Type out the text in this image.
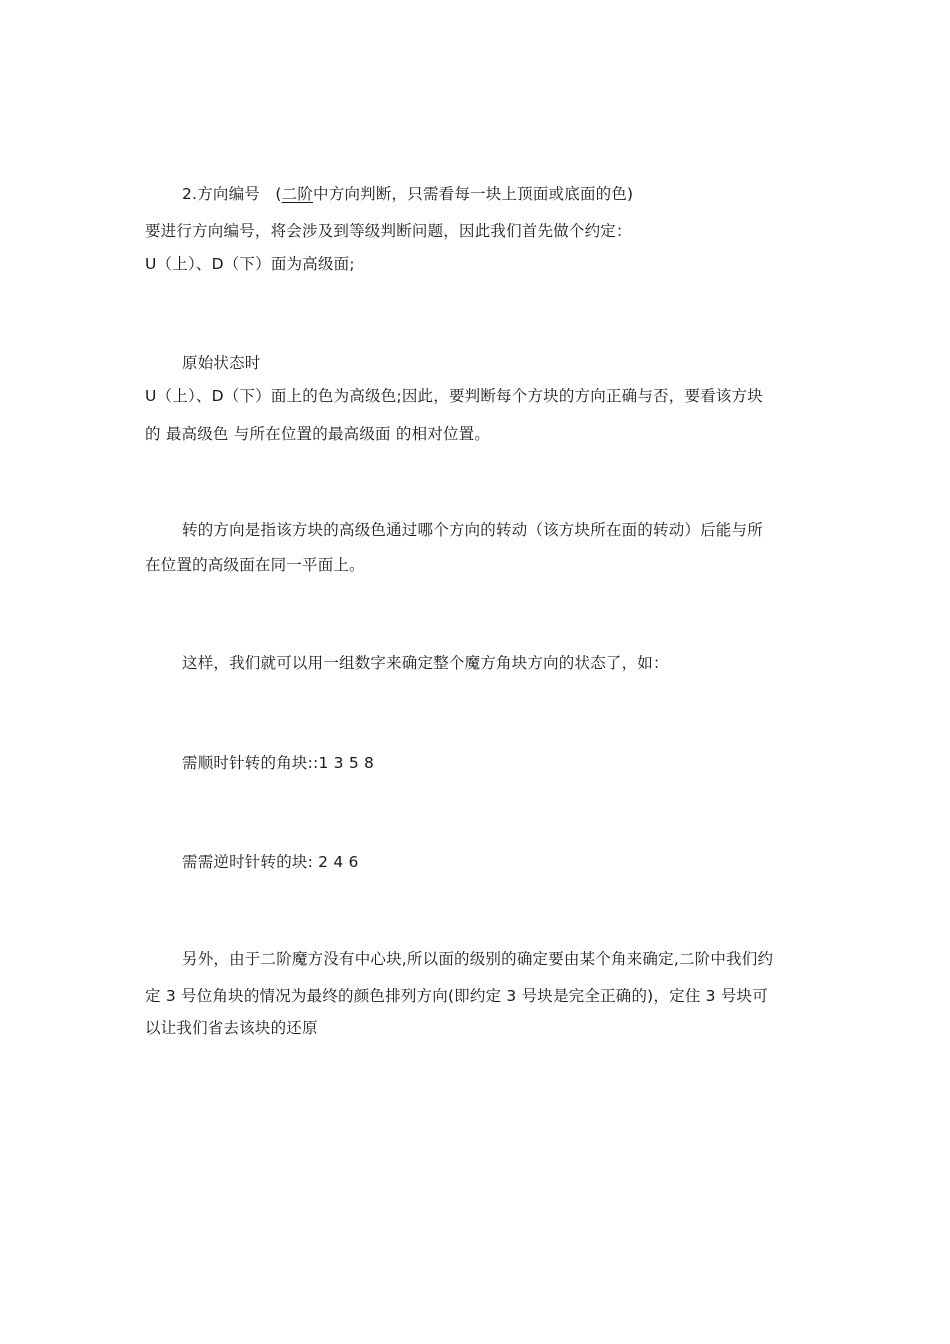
2.方向编号 (二阶中方向判断，只需看每一块上顶面或底面的色)
要进行方向编号，将会涉及到等级判断问题，因此我们首先做个约定：
U（上）、D（下）面为高级面;
原始状态时
U（上）、D（下）面上的色为高级色;因此，要判断每个方块的方向正确与否，要看该方块
的 最高级色 与所在位置的最高级面 的相对位置。
转的方向是指该方块的高级色通过哪个方向的转动（该方块所在面的转动）后能与所
在位置的高级面在同一平面上。
这样，我们就可以用一组数字来确定整个魔方角块方向的状态了，如：
需顺时针转的角块::1 3 5 8
需需逆时针转的块: 2 4 6
另外，由于二阶魔方没有中心块,所以面的级别的确定要由某个角来确定,二阶中我们约
定 3 号位角块的情况为最终的颜色排列方向(即约定 3 号块是完全正确的)，定住 3 号块可
以让我们省去该块的还原
